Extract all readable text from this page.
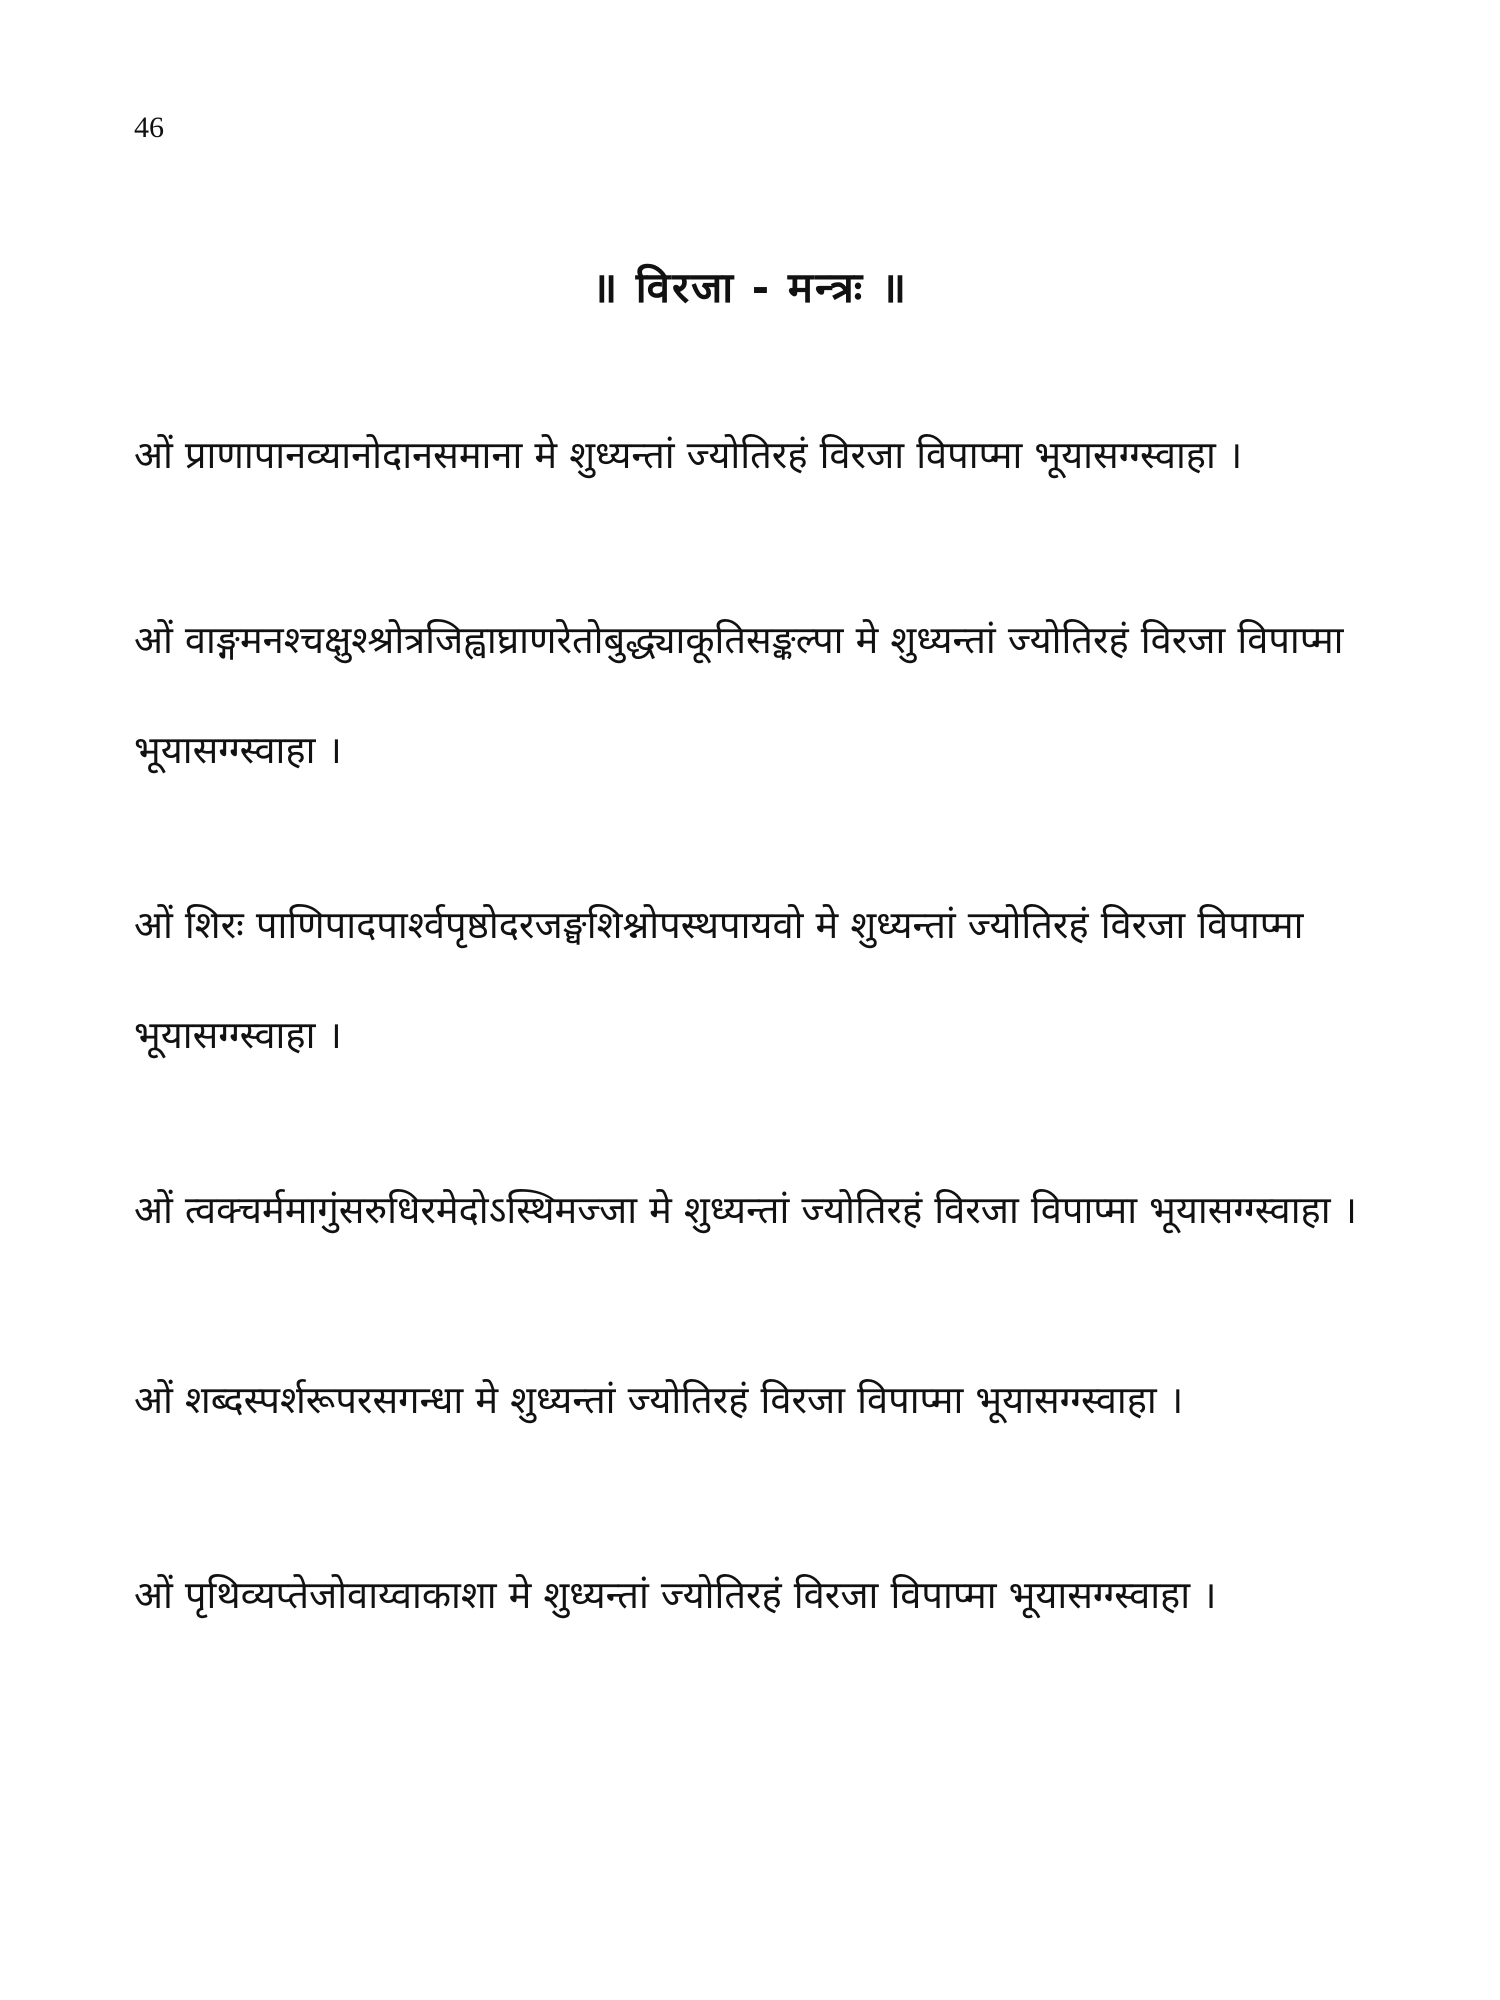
46
॥ विरजा - मन्त्रः ॥
ओं प्राणापानव्यानोदानसमाना मे शुध्यन्तां ज्योतिरहं विरजा विपाप्मा भूयासग्ग्स्वाहा ।
ओं वाङ्गमनश्चक्षुश्श्रोत्रजिह्वाघ्राणरेतोबुद्ध्याकूतिसङ्कल्पा मे शुध्यन्तां ज्योतिरहं विरजा विपाप्मा भूयासग्ग्स्वाहा ।
ओं शिरः पाणिपादपार्श्वपृष्ठोदरजङ्घशिश्नोपस्थपायवो मे शुध्यन्तां ज्योतिरहं विरजा विपाप्मा भूयासग्ग्स्वाहा ।
ओं त्वक्चर्ममागुंसरुधिरमेदोऽस्थिमज्जा मे शुध्यन्तां ज्योतिरहं विरजा विपाप्मा भूयासग्ग्स्वाहा ।
ओं शब्दस्पर्शरूपरसगन्धा मे शुध्यन्तां ज्योतिरहं विरजा विपाप्मा भूयासग्ग्स्वाहा ।
ओं पृथिव्यप्तेजोवाय्वाकाशा मे शुध्यन्तां ज्योतिरहं विरजा विपाप्मा भूयासग्ग्स्वाहा ।
